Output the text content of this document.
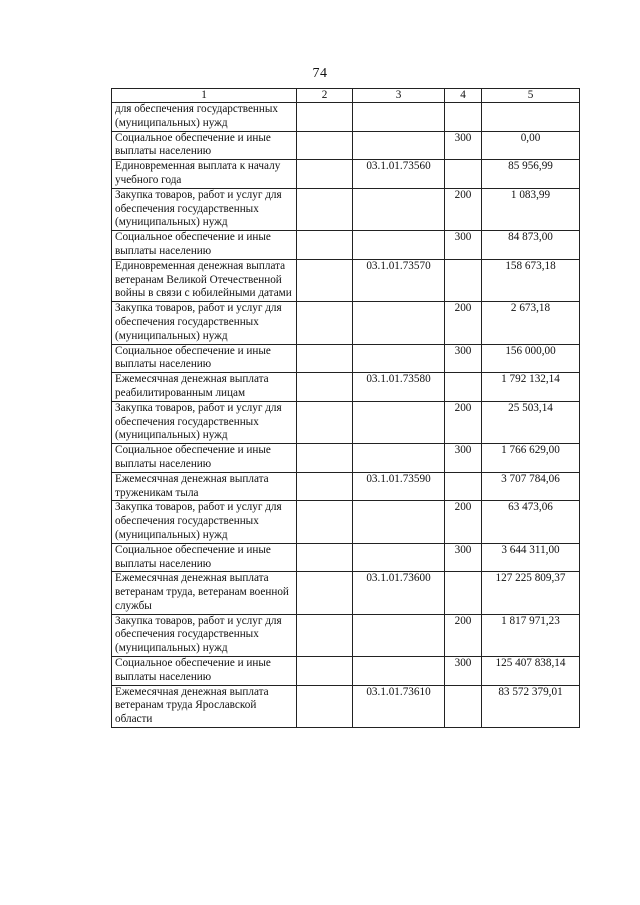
74
1	2	3	4	5
для обеспечения государственных (муниципальных) нужд				
Социальное обеспечение и иные выплаты населению			300	0,00
Единовременная выплата к началу учебного года		03.1.01.73560		85 956,99
Закупка товаров, работ и услуг для обеспечения государственных (муниципальных) нужд			200	1 083,99
Социальное обеспечение и иные выплаты населению			300	84 873,00
Единовременная денежная выплата ветеранам Великой Отечественной войны в связи с юбилейными датами		03.1.01.73570		158 673,18
Закупка товаров, работ и услуг для обеспечения государственных (муниципальных) нужд			200	2 673,18
Социальное обеспечение и иные выплаты населению			300	156 000,00
Ежемесячная денежная выплата реабилитированным лицам		03.1.01.73580		1 792 132,14
Закупка товаров, работ и услуг для обеспечения государственных (муниципальных) нужд			200	25 503,14
Социальное обеспечение и иные выплаты населению			300	1 766 629,00
Ежемесячная денежная выплата труженикам тыла		03.1.01.73590		3 707 784,06
Закупка товаров, работ и услуг для обеспечения государственных (муниципальных) нужд			200	63 473,06
Социальное обеспечение и иные выплаты населению			300	3 644 311,00
Ежемесячная денежная выплата ветеранам труда, ветеранам военной службы		03.1.01.73600		127 225 809,37
Закупка товаров, работ и услуг для обеспечения государственных (муниципальных) нужд			200	1 817 971,23
Социальное обеспечение и иные выплаты населению			300	125 407 838,14
Ежемесячная денежная выплата ветеранам труда Ярославской области		03.1.01.73610		83 572 379,01
